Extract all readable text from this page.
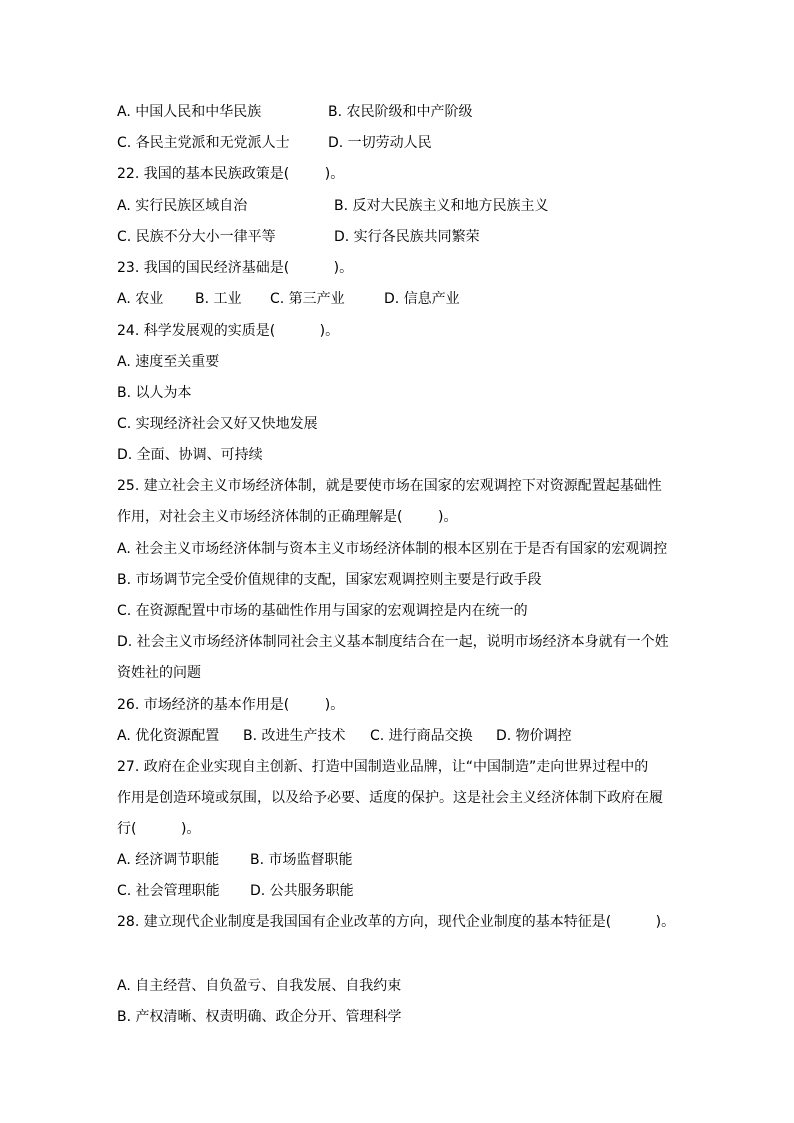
A. 中国人民和中华民族

	B. 农民阶级和中产阶级

C. 各民主党派和无党派人士

	D. 一切劳动人民

22. 我国的基本民族政策是(        )。

A. 实行民族区域自治

	B. 反对大民族主义和地方民族主义

C. 民族不分大小一律平等

	D. 实行各民族共同繁荣

23. 我国的国民经济基础是(          )。

A. 农业

B. 工业

C. 第三产业

	D. 信息产业

24. 科学发展观的实质是(          )。
A. 速度至关重要
B. 以人为本
C. 实现经济社会又好又快地发展
D. 全面、协调、可持续
25. 建立社会主义市场经济体制，就是要使市场在国家的宏观调控下对资源配置起基础性
作用，对社会主义市场经济体制的正确理解是(        )。
A. 社会主义市场经济体制与资本主义市场经济体制的根本区别在于是否有国家的宏观调控
B. 市场调节完全受价值规律的支配，国家宏观调控则主要是行政手段
C. 在资源配置中市场的基础性作用与国家的宏观调控是内在统一的
D. 社会主义市场经济体制同社会主义基本制度结合在一起，说明市场经济本身就有一个姓
资姓社的问题
26. 市场经济的基本作用是(        )。

A. 优化资源配置

B. 改进生产技术

C. 进行商品交换

D. 物价调控

27. 政府在企业实现自主创新、打造中国制造业品牌，让“中国制造”走向世界过程中的
作用是创造环境或氛围，以及给予必要、适度的保护。这是社会主义经济体制下政府在履
行(          )。

A. 经济调节职能

B. 市场监督职能

C. 社会管理职能

D. 公共服务职能

28. 建立现代企业制度是我国国有企业改革的方向，现代企业制度的基本特征是(          )。
A. 自主经营、自负盈亏、自我发展、自我约束
B. 产权清晰、权责明确、政企分开、管理科学
